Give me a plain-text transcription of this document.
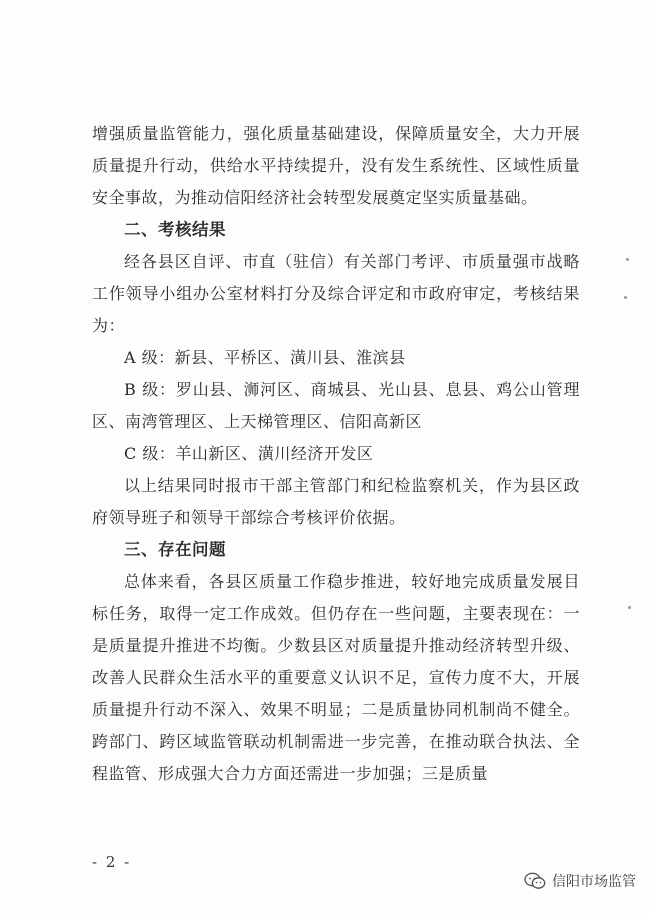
增强质量监管能力，强化质量基础建设，保障质量安全，大力开展质量提升行动，供给水平持续提升，没有发生系统性、区域性质量安全事故，为推动信阳经济社会转型发展奠定坚实质量基础。

二、考核结果

经各县区自评、市直（驻信）有关部门考评、市质量强市战略工作领导小组办公室材料打分及综合评定和市政府审定，考核结果为：

A 级：新县、平桥区、潢川县、淮滨县

B 级：罗山县、浉河区、商城县、光山县、息县、鸡公山管理区、南湾管理区、上天梯管理区、信阳高新区

C 级：羊山新区、潢川经济开发区

以上结果同时报市干部主管部门和纪检监察机关，作为县区政府领导班子和领导干部综合考核评价依据。

三、存在问题

总体来看，各县区质量工作稳步推进，较好地完成质量发展目标任务，取得一定工作成效。但仍存在一些问题，主要表现在：一是质量提升推进不均衡。少数县区对质量提升推动经济转型升级、改善人民群众生活水平的重要意义认识不足，宣传力度不大，开展质量提升行动不深入、效果不明显；二是质量协同机制尚不健全。跨部门、跨区域监管联动机制需进一步完善，在推动联合执法、全程监管、形成强大合力方面还需进一步加强；三是质量

- 2 -
信阳市场监管
